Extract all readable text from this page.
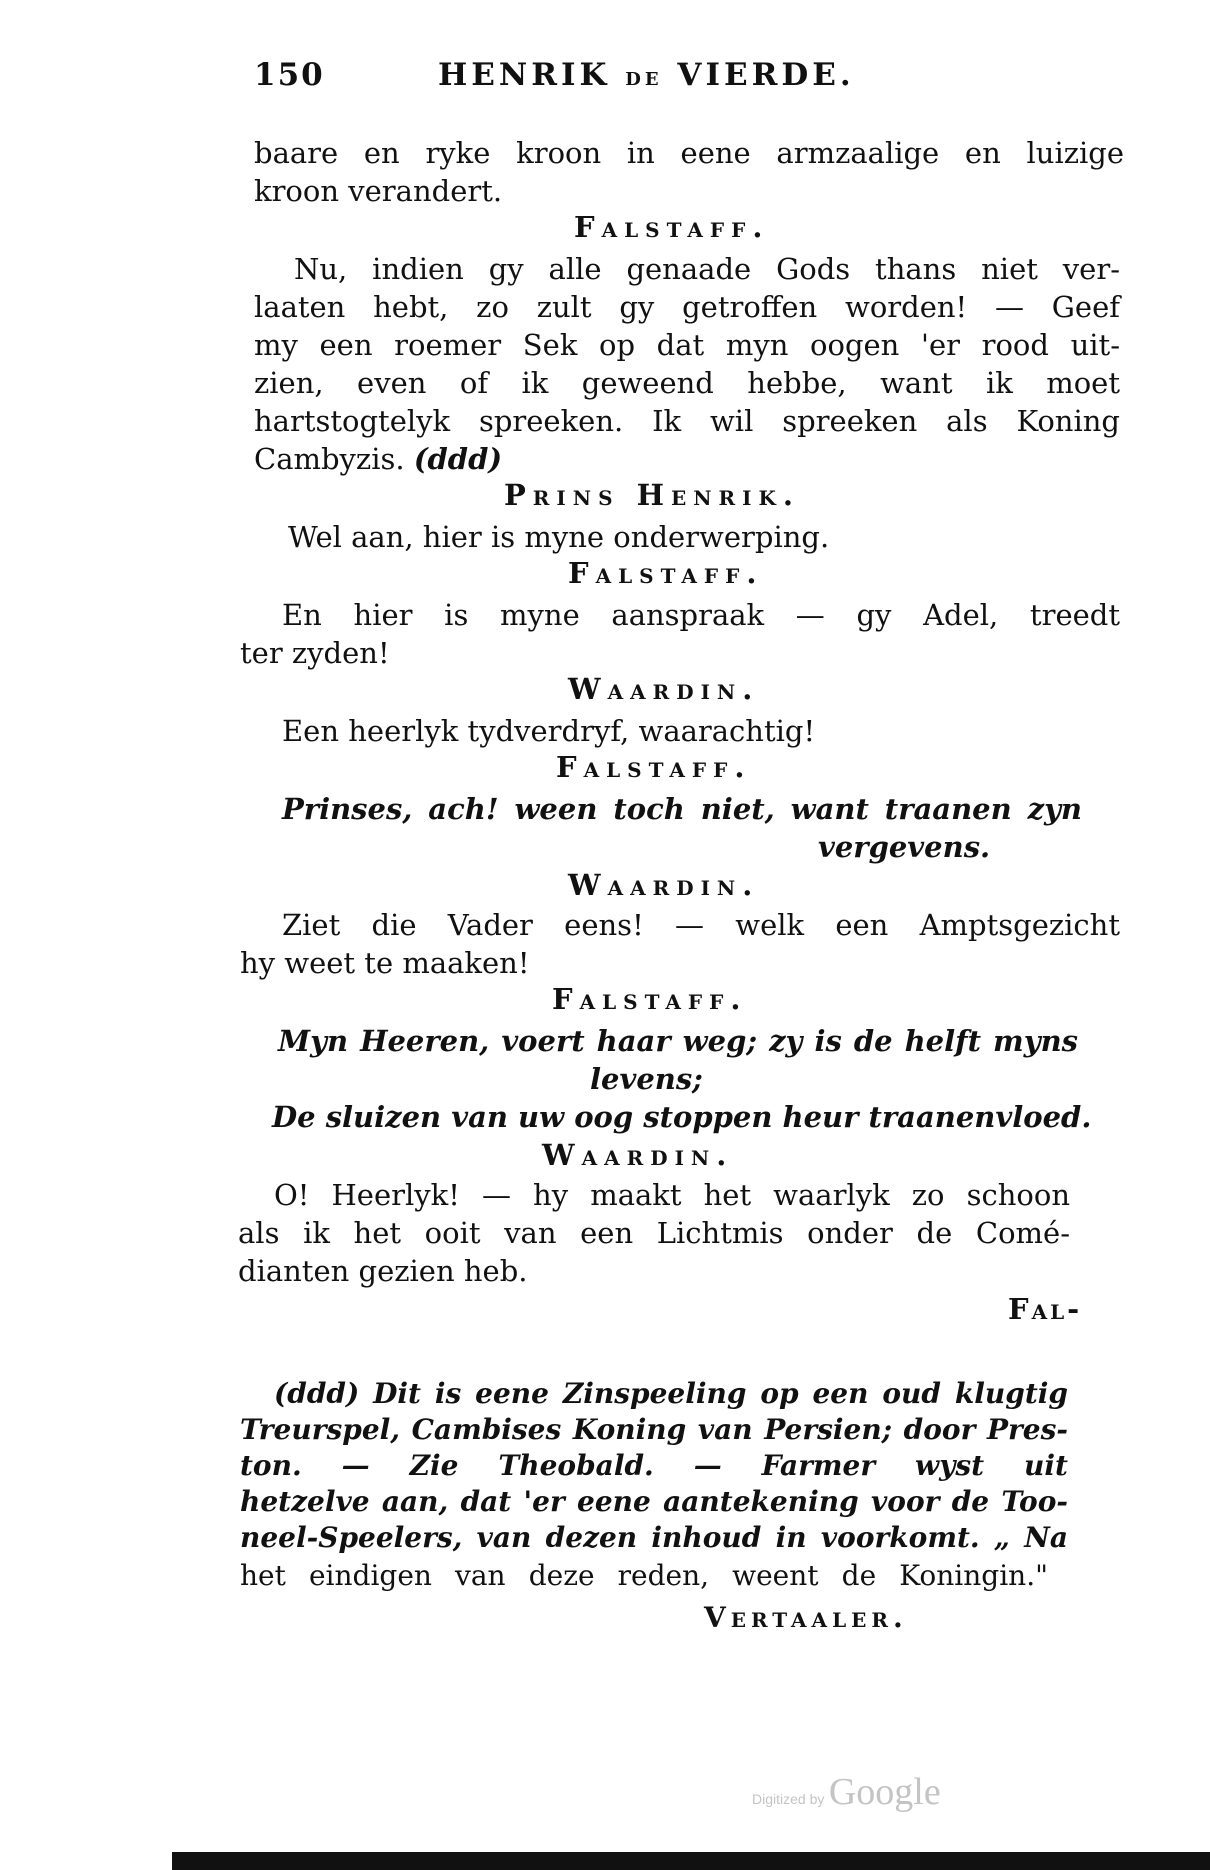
150	HENRIK DE VIERDE.
baare en ryke kroon in eene armzaalige en luizige
kroon verandert.
Falstaff.
Nu, indien gy alle genaade Gods thans niet ver-
laaten hebt, zo zult gy getroffen worden! — Geef
my een roemer Sek op dat myn oogen 'er rood uit-
zien, even of ik geweend hebbe, want ik moet
hartstogtelyk spreeken. Ik wil spreeken als Koning
Cambyzis. (ddd)
Prins Henrik.
Wel aan, hier is myne onderwerping.
Falstaff.
En hier is myne aanspraak — gy Adel, treedt
ter zyden!
Waardin.
Een heerlyk tydverdryf, waarachtig!
Falstaff.
Prinses, ach! ween toch niet, want traanen zyn
vergevens.
Waardin.
Ziet die Vader eens! — welk een Amptsgezicht
hy weet te maaken!
Falstaff.
Myn Heeren, voert haar weg; zy is de helft myns
levens;
De sluizen van uw oog stoppen heur traanenvloed.
Waardin.
O! Heerlyk! — hy maakt het waarlyk zo schoon
als ik het ooit van een Lichtmis onder de Comé-
dianten gezien heb.
Fal-
(ddd) Dit is eene Zinspeeling op een oud klugtig
Treurspel, Cambises Koning van Persien; door Pres-
ton. — Zie Theobald. — Farmer wyst uit
hetzelve aan, dat 'er eene aantekening voor de Too-
neel-Speelers, van dezen inhoud in voorkomt. „ Na
het eindigen van deze reden, weent de Koningin."
Vertaaler.
Digitized by Google
